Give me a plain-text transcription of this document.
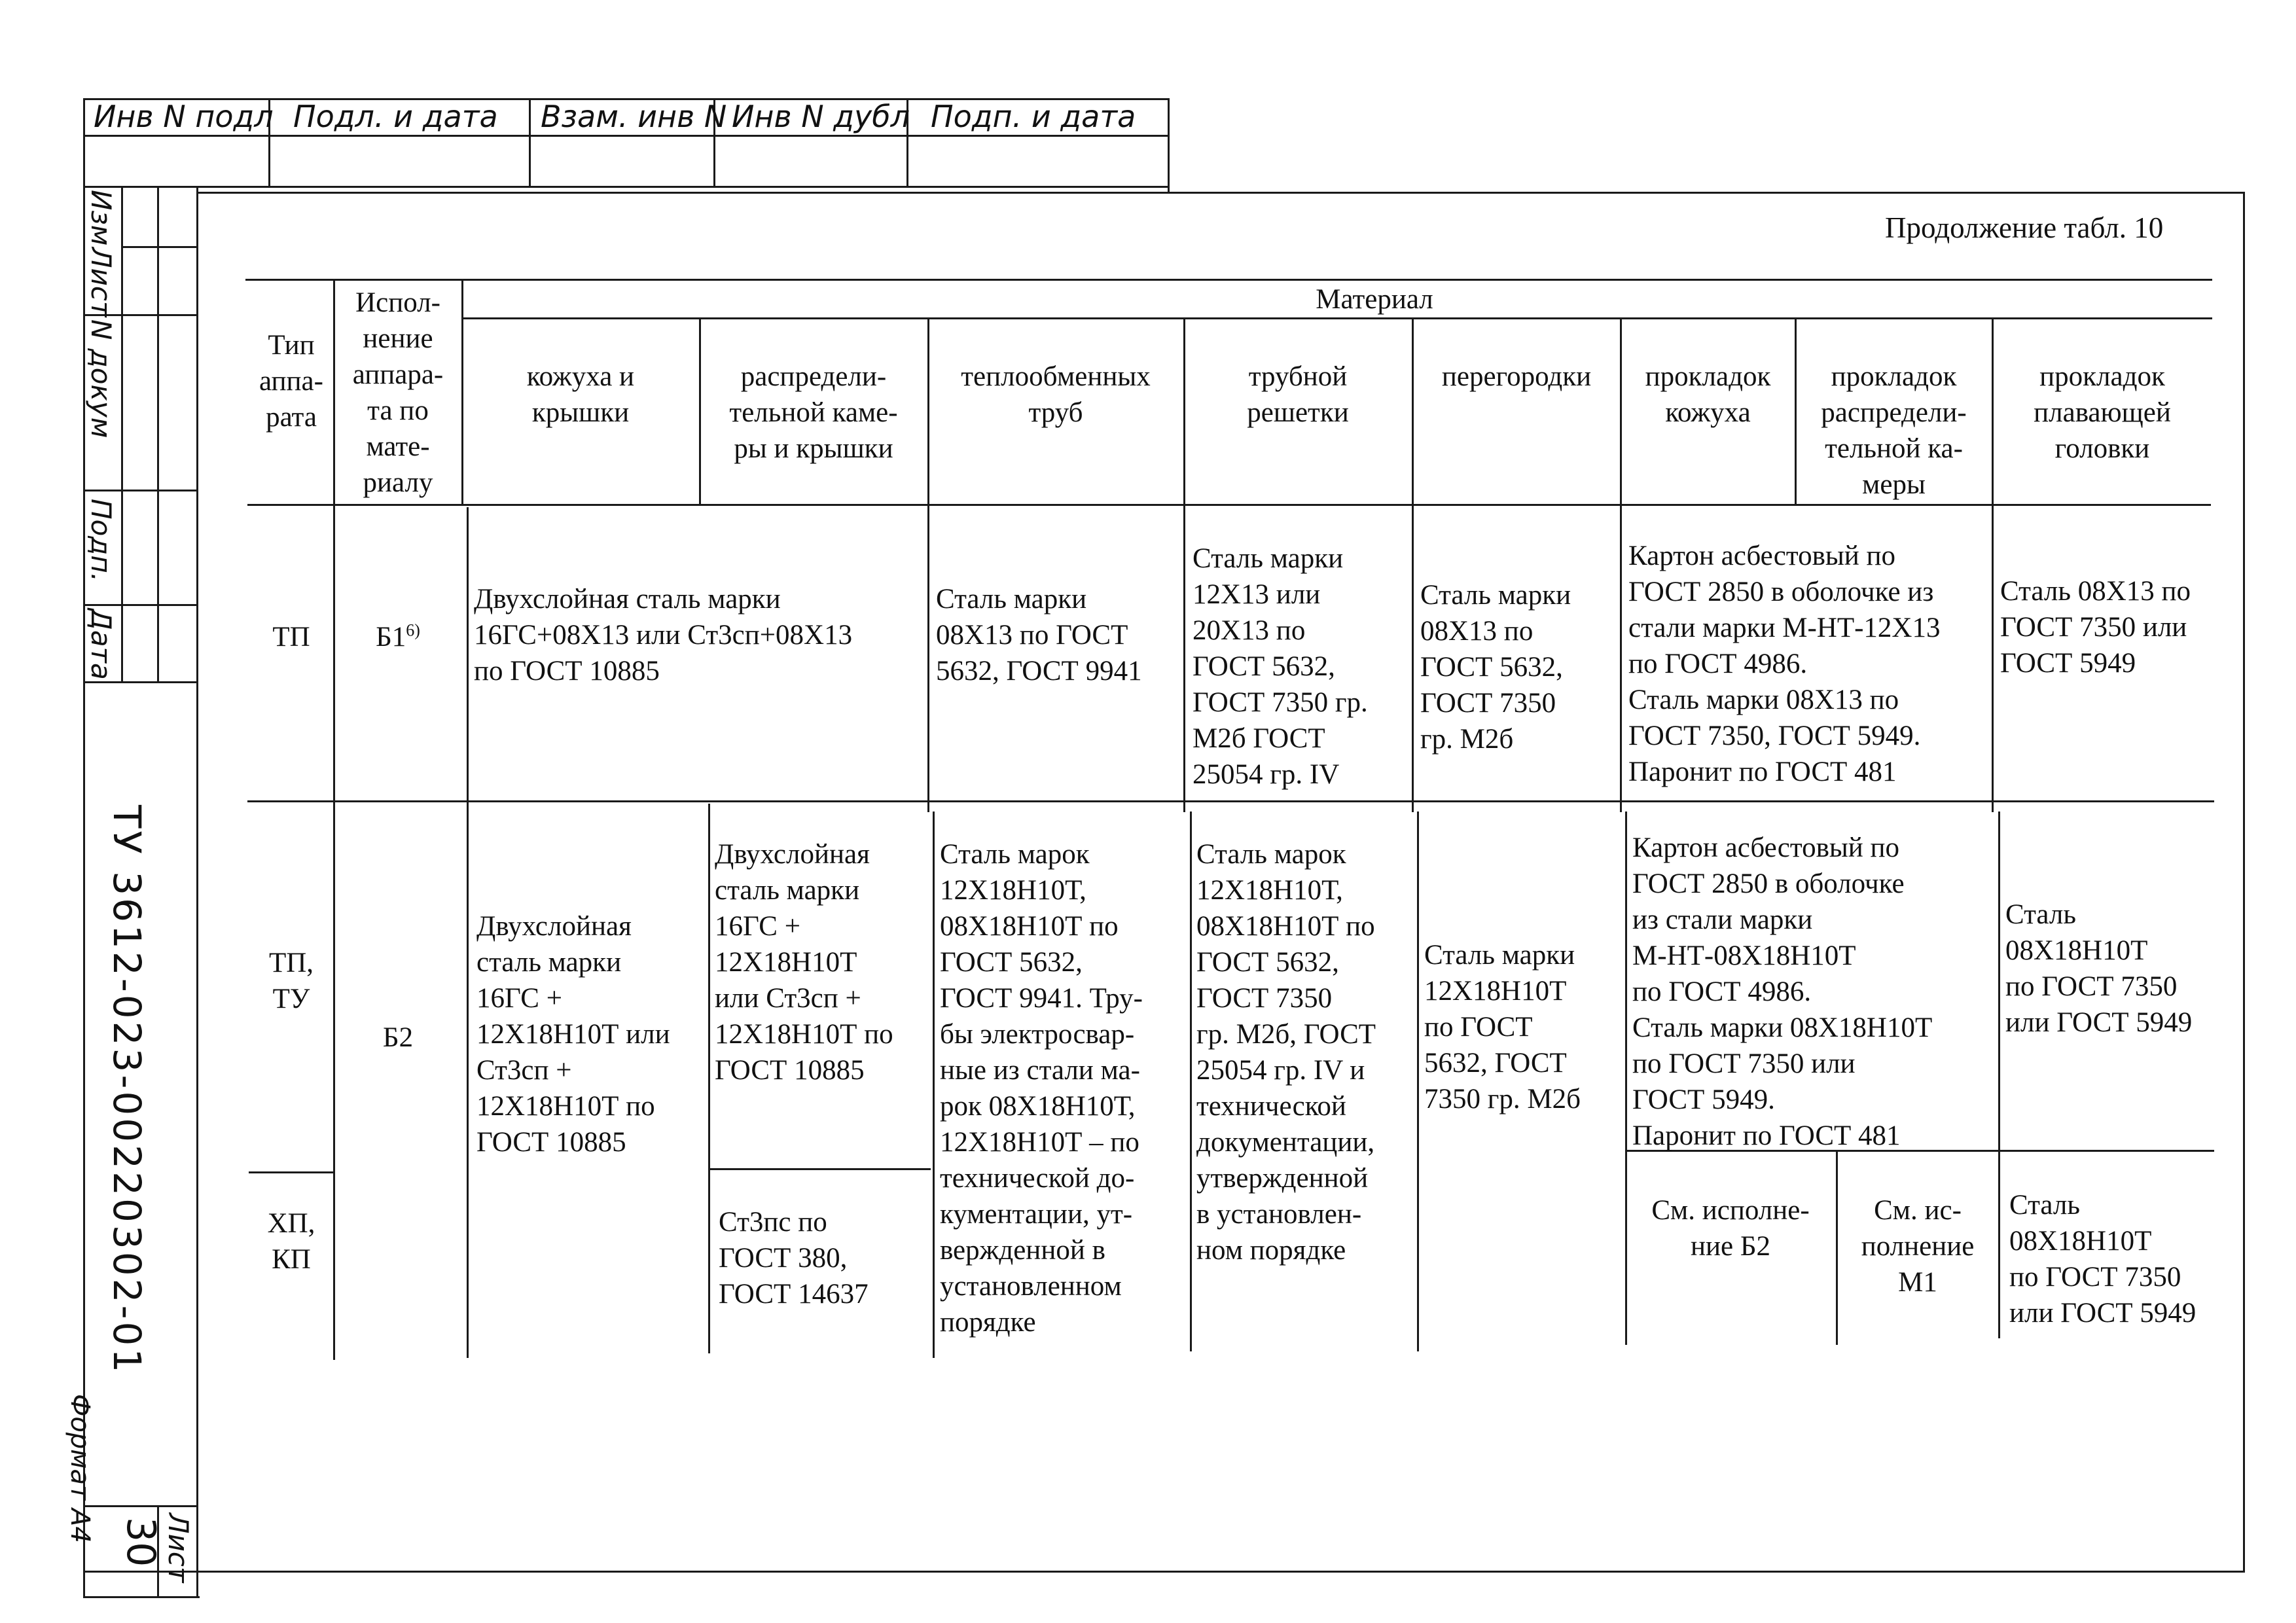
Инв N подл Подл. и дата Взам. инв N Инв N дубл Подп. и дата
Изм
Лист
N докум
Подп.
Дата
ТУ 3612-023-00220302-01
Формат А4
Лист
30
Продолжение табл. 10
Тип
аппа-
рата
Испол-
нение
аппара-
та по
мате-
риалу
Материал
кожуха и
крышки
распредели-
тельной каме-
ры и крышки
теплообменных
труб
трубной
решетки
перегородки	прокладок
кожуха
прокладок
распредели-
тельной ка-
меры
прокладок
плавающей
головки
ТП	Б1$^{6)}$
Двухслойная сталь марки
16ГС+08Х13 или Ст3сп+08Х13
по ГОСТ 10885
Сталь марки
08Х13 по ГОСТ
5632, ГОСТ 9941
Сталь марки
12Х13 или
20Х13 по
ГОСТ 5632,
ГОСТ 7350 гр.
М2б ГОСТ
25054 гр. IV
Сталь марки
08Х13 по
ГОСТ 5632,
ГОСТ 7350
гр. М2б
Картон асбестовый по
ГОСТ 2850 в оболочке из
стали марки М-НТ-12Х13
по ГОСТ 4986.
Сталь марки 08Х13 по
ГОСТ 7350, ГОСТ 5949.
Паронит по ГОСТ 481
Сталь 08Х13 по
ГОСТ 7350 или
ГОСТ 5949
ТП,
ТУ
Б2
Двухслойная
сталь марки
16ГС +
12Х18Н10Т или
Ст3сп +
12Х18Н10Т по
ГОСТ 10885
Двухслойная
сталь марки
16ГС +
12Х18Н10Т
или Ст3сп +
12Х18Н10Т по
ГОСТ 10885
Сталь марок
12Х18Н10Т,
08Х18Н10Т по
ГОСТ 5632,
ГОСТ 9941. Тру-
бы электросвар-
ные из стали ма-
рок 08Х18Н10Т,
12Х18Н10Т – по
технической до-
кументации, ут-
вержденной в
установленном
порядке
Сталь марок
12Х18Н10Т,
08Х18Н10Т по
ГОСТ 5632,
ГОСТ 7350
гр. М2б, ГОСТ
25054 гр. IV и
технической
документации,
утвержденной
в установлен-
ном порядке
Сталь марки
12Х18Н10Т
по ГОСТ
5632, ГОСТ
7350 гр. М2б
Картон асбестовый по
ГОСТ 2850 в оболочке
из стали марки
М-НТ-08Х18Н10Т
по ГОСТ 4986.
Сталь марки 08Х18Н10Т
по ГОСТ 7350 или
ГОСТ 5949.
Паронит по ГОСТ 481
Сталь
08Х18Н10Т
по ГОСТ 7350
или ГОСТ 5949
ХП,
КП
Ст3пс по
ГОСТ 380,
ГОСТ 14637
См. исполне-
ние Б2
См. ис-
полнение
М1
Сталь
08Х18Н10Т
по ГОСТ 7350
или ГОСТ 5949
